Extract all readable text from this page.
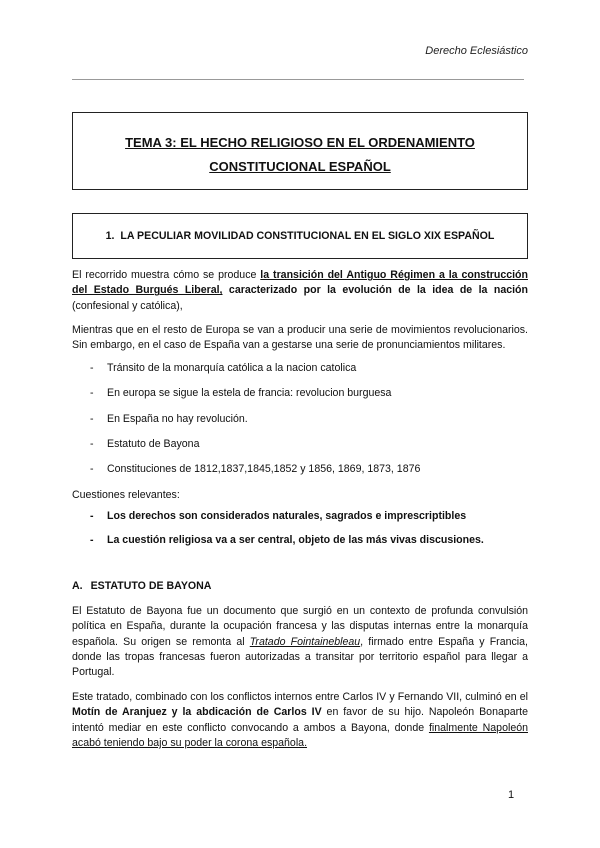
Derecho Eclesiástico
TEMA 3: EL HECHO RELIGIOSO EN EL ORDENAMIENTO
CONSTITUCIONAL ESPAÑOL
1. LA PECULIAR MOVILIDAD CONSTITUCIONAL EN EL SIGLO XIX ESPAÑOL

El recorrido muestra cómo se produce la transición del Antiguo Régimen a la construcción del Estado Burgués Liberal, caracterizado por la evolución de la idea de la nación (confesional y católica),

Mientras que en el resto de Europa se van a producir una serie de movimientos revolucionarios. Sin embargo, en el caso de España van a gestarse una serie de pronunciamientos militares.

- Tránsito de la monarquía católica a la nacion catolica
- En europa se sigue la estela de francia: revolucion burguesa
- En España no hay revolución.
- Estatuto de Bayona
- Constituciones de 1812,1837,1845,1852 y 1856, 1869, 1873, 1876

Cuestiones relevantes:

- Los derechos son considerados naturales, sagrados e imprescriptibles
- La cuestión religiosa va a ser central, objeto de las más vivas discusiones.
A. ESTATUTO DE BAYONA

El Estatuto de Bayona fue un documento que surgió en un contexto de profunda convulsión política en España, durante la ocupación francesa y las disputas internas entre la monarquía española. Su origen se remonta al Tratado Fointainebleau, firmado entre España y Francia, donde las tropas francesas fueron autorizadas a transitar por territorio español para llegar a Portugal.

Este tratado, combinado con los conflictos internos entre Carlos IV y Fernando VII, culminó en el Motín de Aranjuez y la abdicación de Carlos IV en favor de su hijo. Napoleón Bonaparte intentó mediar en este conflicto convocando a ambos a Bayona, donde finalmente Napoleón acabó teniendo bajo su poder la corona española.

1
